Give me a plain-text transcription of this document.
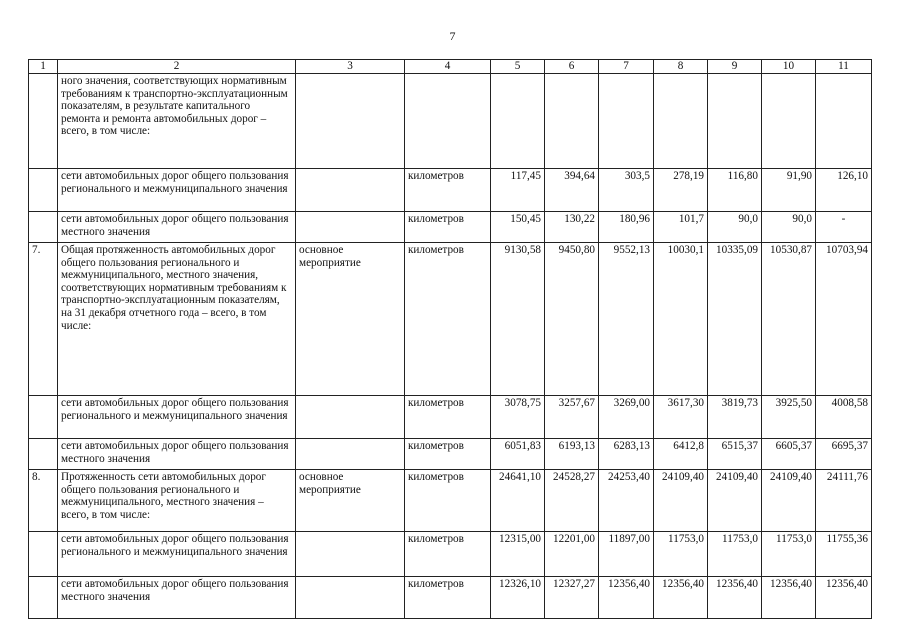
7
1	2	3	4	5	6	7	8	9	10	11
	ного значения, соответствующих нормативным требованиям к транспортно-эксплуатационным показателям, в результате капитального ремонта и ремонта автомобильных дорог – всего, в том числе:									
	сети автомобильных дорог общего пользования регионального и межмуниципального значения		километров	117,45	394,64	303,5	278,19	116,80	91,90	126,10
	сети автомобильных дорог общего пользования местного значения		километров	150,45	130,22	180,96	101,7	90,0	90,0	-
7.	Общая протяженность автомобильных дорог общего пользования регионального и межмуниципального, местного значения, соответствующих нормативным требованиям к транспортно-эксплуатационным показателям, на 31 декабря отчетного года – всего, в том числе:	основное мероприятие	километров	9130,58	9450,80	9552,13	10030,1	10335,09	10530,87	10703,94
	сети автомобильных дорог общего пользования регионального и межмуниципального значения		километров	3078,75	3257,67	3269,00	3617,30	3819,73	3925,50	4008,58
	сети автомобильных дорог общего пользования местного значения		километров	6051,83	6193,13	6283,13	6412,8	6515,37	6605,37	6695,37
8.	Протяженность сети автомобильных дорог общего пользования регионального и межмуниципального, местного значения – всего, в том числе:	основное мероприятие	километров	24641,10	24528,27	24253,40	24109,40	24109,40	24109,40	24111,76
	сети автомобильных дорог общего пользования регионального и межмуниципального значения		километров	12315,00	12201,00	11897,00	11753,0	11753,0	11753,0	11755,36
	сети автомобильных дорог общего пользования местного значения		километров	12326,10	12327,27	12356,40	12356,40	12356,40	12356,40	12356,40
